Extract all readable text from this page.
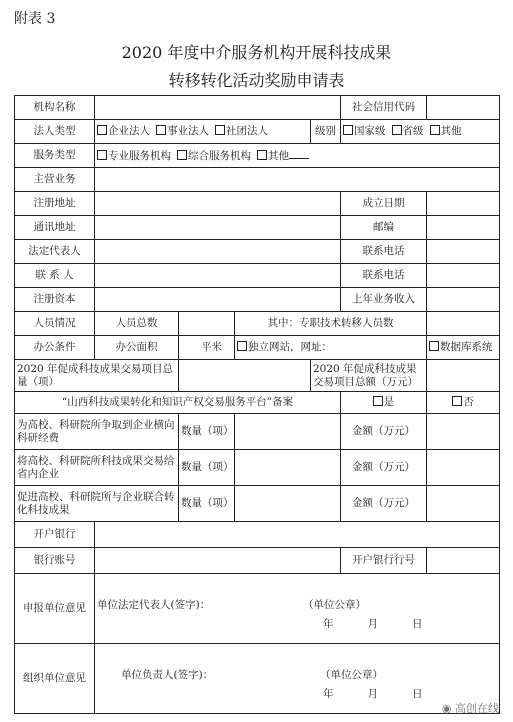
附表 3
2020 年度中介服务机构开展科技成果
转移转化活动奖励申请表
机构名称					社会信用代码	
法人类型	企业法人 事业法人 社团法人			级别	国家级 省级 其他	
服务类型	专业服务机构 综合服务机构 其他					
主营业务						
注册地址					成立日期	
通讯地址					邮编	
法定代表人					联系电话	
联 系 人					联系电话	
注册资本					上年业务收入	
人员情况	人员总数		其中：专职技术转移人员数			
办公条件	办公面积	平米	独立网站，网址：			数据库系统
2020 年促成科技成果交易项目总量（项）				2020 年促成科技成果交易项目总额（万元）		
“山西科技成果转化和知识产权交易服务平台”备案					是	否
为高校、科研院所争取到企业横向科研经费		数量（项）			金额（万元）	
将高校、科研院所科技成果交易给省内企业		数量（项）			金额（万元）	
促进高校、科研院所与企业联合转化科技成果		数量（项）			金额（万元）	
开户银行						
银行账号					开户银行行号	
申报单位意见	单位法定代表人(签字)： （单位公章）
年 月 日					

组织单位意见	单位负责人(签字)： （单位公章）
年 月 日					
◉ 高创在线
